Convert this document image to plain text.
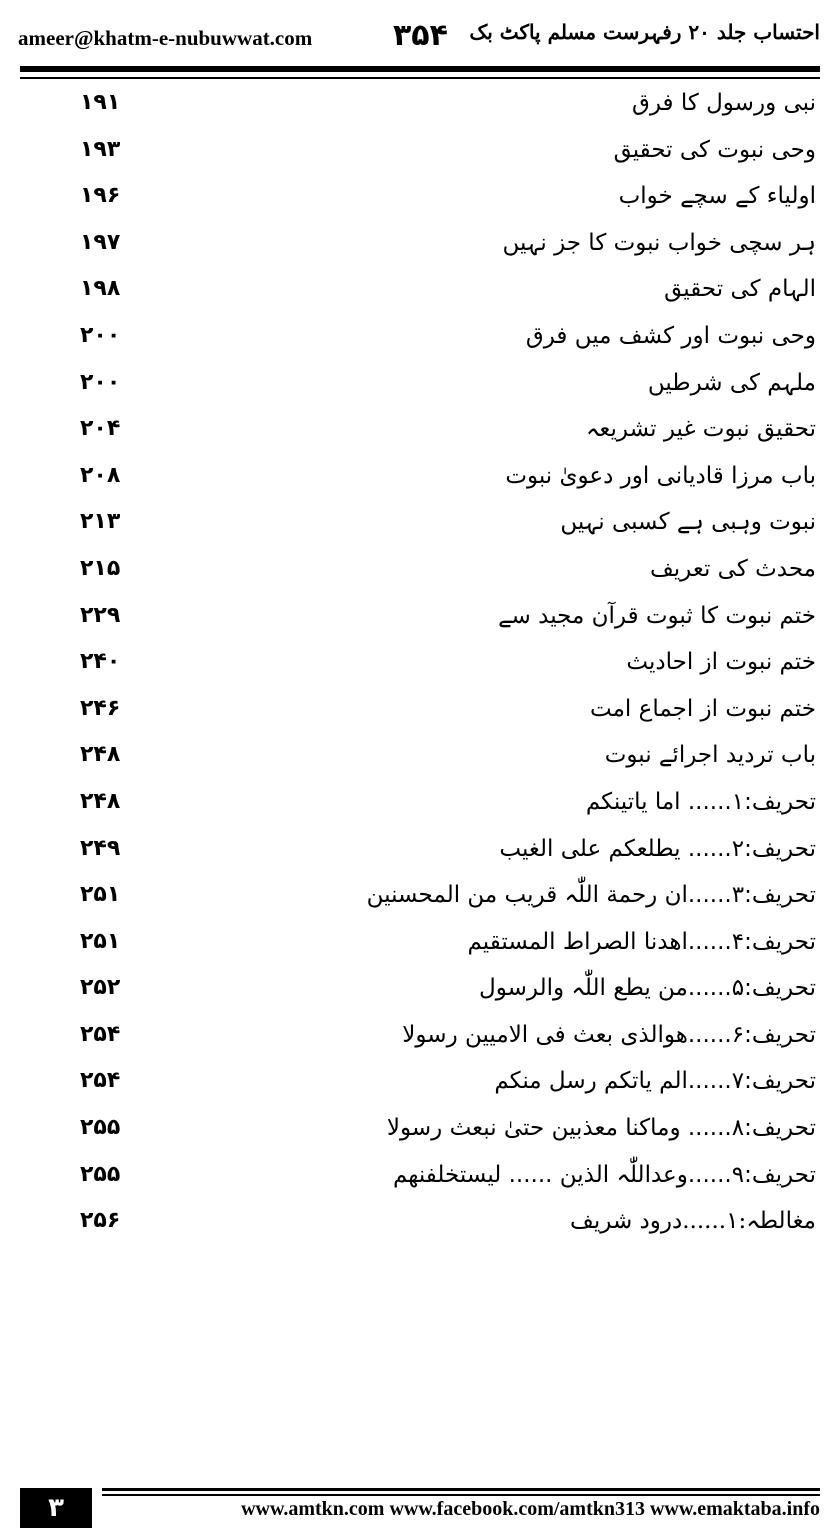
ameer@khatm-e-nubuwwat.com	۳۵۴ احتساب جلد ۲۰ رفہرست مسلم پاکٹ بک
نبی ورسول کا فرق
۱۹۱
وحی نبوت کی تحقیق
۱۹۳
اولیاء کے سچے خواب
۱۹۶
ہر سچی خواب نبوت کا جز نہیں
۱۹۷
الہام کی تحقیق
۱۹۸
وحی نبوت اور کشف میں فرق
۲۰۰
ملہم کی شرطیں
۲۰۰
تحقیق نبوت غیر تشریعہ
۲۰۴
باب مرزا قادیانی اور دعویٰ نبوت
۲۰۸
نبوت وہبی ہے کسبی نہیں
۲۱۳
محدث کی تعریف
۲۱۵
ختم نبوت کا ثبوت قرآن مجید سے
۲۲۹
ختم نبوت از احادیث
۲۴۰
ختم نبوت از اجماع امت
۲۴۶
باب تردید اجرائے نبوت
۲۴۸
تحریف:۱...... اما یاتینکم
۲۴۸
تحریف:۲...... یطلعکم علی الغیب
۲۴۹
تحریف:۳......ان رحمة اللّٰہ قریب من المحسنین
۲۵۱
تحریف:۴......اھدنا الصراط المستقیم
۲۵۱
تحریف:۵......من یطع اللّٰہ والرسول
۲۵۲
تحریف:۶......ھوالذی بعث فی الامیین رسولا
۲۵۴
تحریف:۷......الم یاتکم رسل منکم
۲۵۴
تحریف:۸...... وماکنا معذبین حتیٰ نبعث رسولا
۲۵۵
تحریف:۹......وعداللّٰہ الذین ...... لیستخلفنھم
۲۵۵
مغالطہ:۱......درود شریف
۲۵۶
۳	www.amtkn.com www.facebook.com/amtkn313 www.emaktaba.info
